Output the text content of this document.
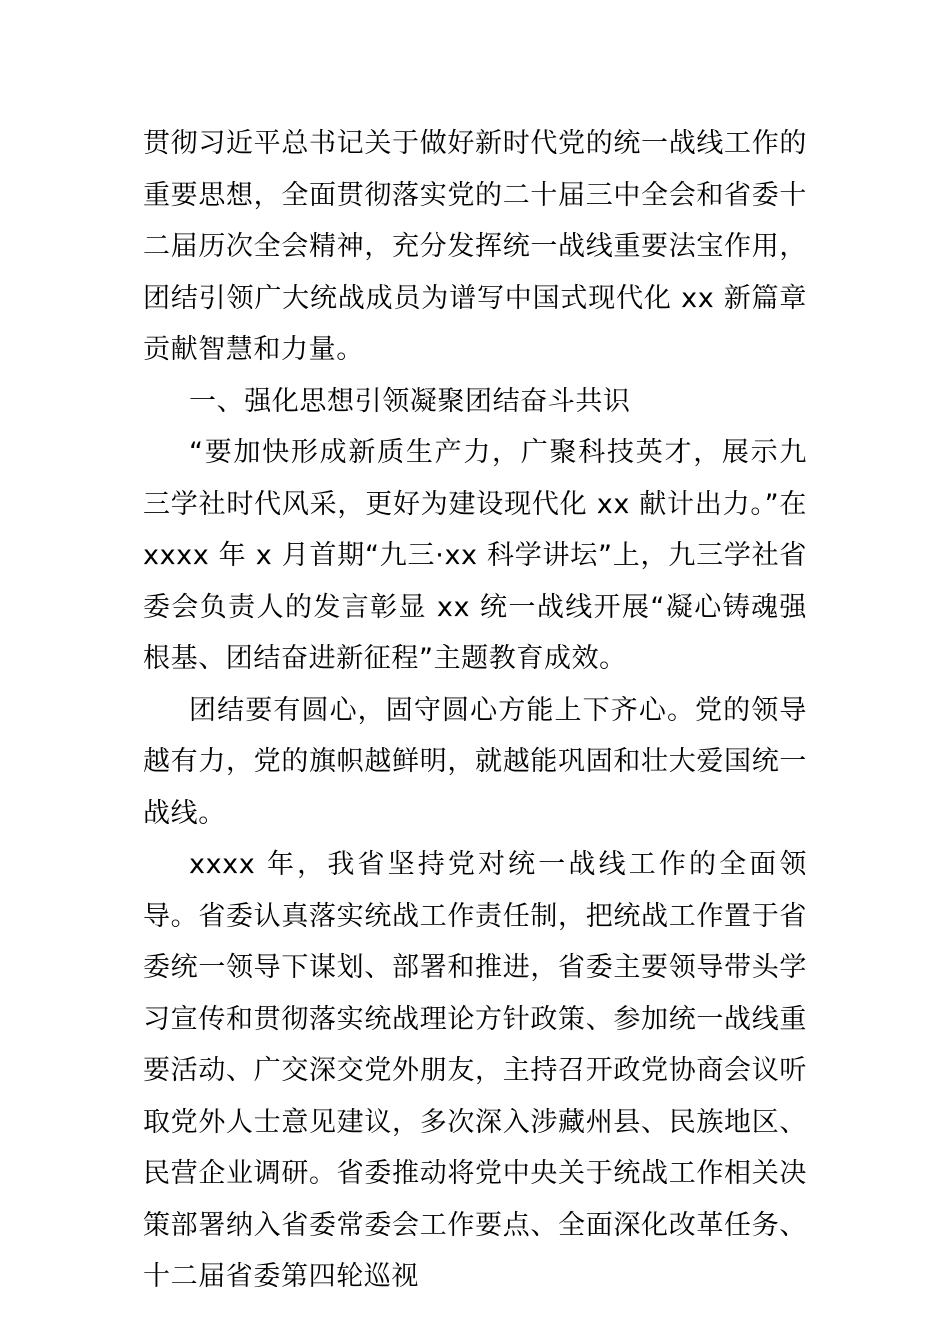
贯彻习近平总书记关于做好新时代党的统一战线工作的重要思想，全面贯彻落实党的二十届三中全会和省委十二届历次全会精神，充分发挥统一战线重要法宝作用，团结引领广大统战成员为谱写中国式现代化 xx 新篇章贡献智慧和力量。

一、强化思想引领凝聚团结奋斗共识

“要加快形成新质生产力，广聚科技英才，展示九三学社时代风采，更好为建设现代化 xx 献计出力。”在 xxxx 年 x 月首期“九三·xx 科学讲坛”上，九三学社省委会负责人的发言彰显 xx 统一战线开展“凝心铸魂强根基、团结奋进新征程”主题教育成效。

团结要有圆心，固守圆心方能上下齐心。党的领导越有力，党的旗帜越鲜明，就越能巩固和壮大爱国统一战线。

xxxx 年，我省坚持党对统一战线工作的全面领导。省委认真落实统战工作责任制，把统战工作置于省委统一领导下谋划、部署和推进，省委主要领导带头学习宣传和贯彻落实统战理论方针政策、参加统一战线重要活动、广交深交党外朋友，主持召开政党协商会议听取党外人士意见建议，多次深入涉藏州县、民族地区、民营企业调研。省委推动将党中央关于统战工作相关决策部署纳入省委常委会工作要点、全面深化改革任务、十二届省委第四轮巡视
